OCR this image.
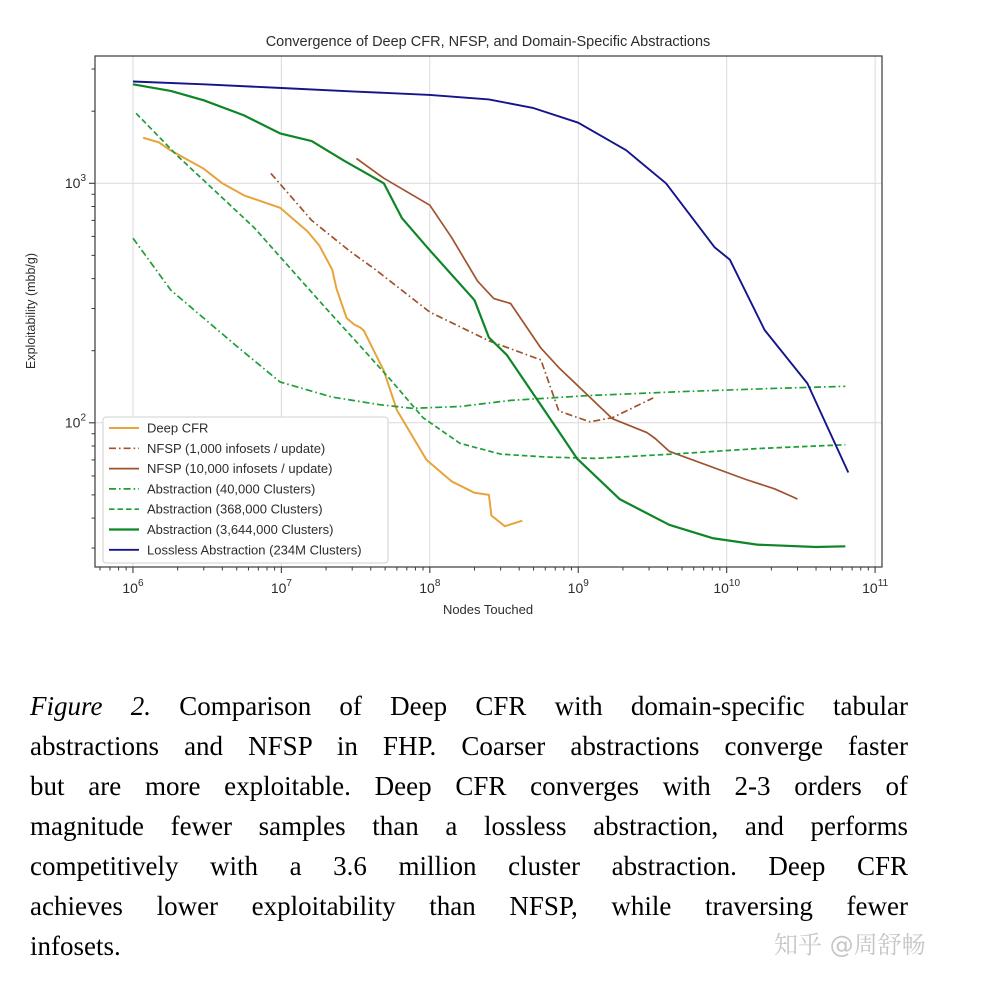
Convergence of Deep CFR, NFSP, and Domain-Specific Abstractions
$10^6$	$10^7$	$10^8$	$10^9$	$10^{10}$	$10^{11}$
$10^2$
$10^3$
Deep CFR
NFSP (1,000 infosets / update)
NFSP (10,000 infosets / update)
Abstraction (40,000 Clusters)
Abstraction (368,000 Clusters)
Abstraction (3,644,000 Clusters)
Lossless Abstraction (234M Clusters)
Nodes Touched
Exploitability (mbb/g)
Figure 2. Comparison of Deep CFR with domain-specific tabular
abstractions and NFSP in FHP. Coarser abstractions converge faster
but are more exploitable. Deep CFR converges with 2-3 orders of
magnitude fewer samples than a lossless abstraction, and performs
competitively with a 3.6 million cluster abstraction. Deep CFR
achieves lower exploitability than NFSP, while traversing fewer
infosets.	知乎 @周舒畅
